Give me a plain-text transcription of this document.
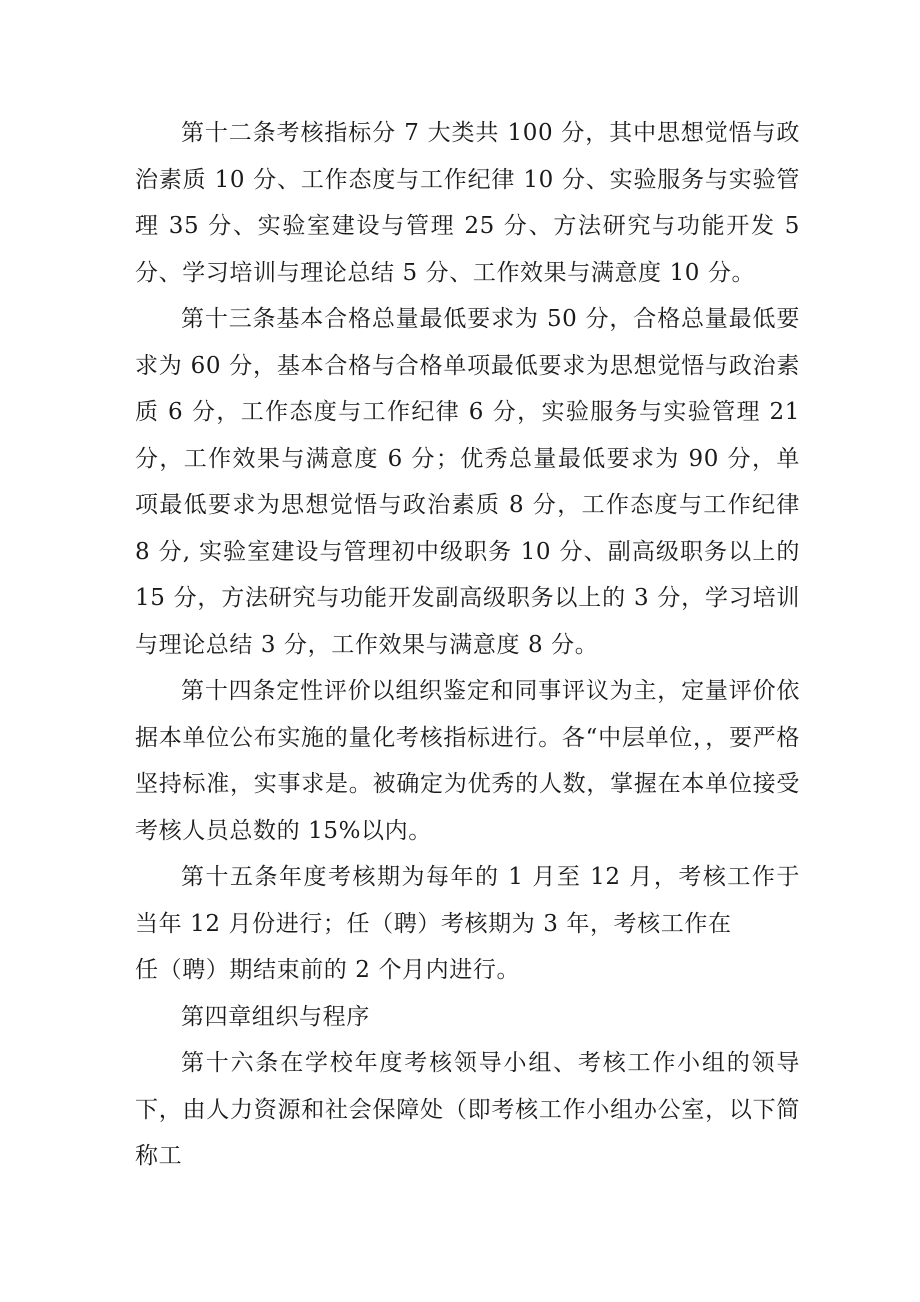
第十二条考核指标分 7 大类共 100 分，其中思想觉悟与政治素质 10 分、工作态度与工作纪律 10 分、实验服务与实验管理 35 分、实验室建设与管理 25 分、方法研究与功能开发 5 分、学习培训与理论总结 5 分、工作效果与满意度 10 分。

第十三条基本合格总量最低要求为 50 分，合格总量最低要求为 60 分，基本合格与合格单项最低要求为思想觉悟与政治素质 6 分，工作态度与工作纪律 6 分，实验服务与实验管理 21 分，工作效果与满意度 6 分；优秀总量最低要求为 90 分，单项最低要求为思想觉悟与政治素质 8 分，工作态度与工作纪律 8 分, 实验室建设与管理初中级职务 10 分、副高级职务以上的 15 分，方法研究与功能开发副高级职务以上的 3 分，学习培训与理论总结 3 分，工作效果与满意度 8 分。

第十四条定性评价以组织鉴定和同事评议为主，定量评价依据本单位公布实施的量化考核指标进行。各“中层单位，，要严格坚持标准，实事求是。被确定为优秀的人数，掌握在本单位接受考核人员总数的 15%以内。

第十五条年度考核期为每年的 1 月至 12 月，考核工作于当年 12 月份进行；任（聘）考核期为 3 年，考核工作在

任（聘）期结束前的 2 个月内进行。

第四章组织与程序

第十六条在学校年度考核领导小组、考核工作小组的领导下，由人力资源和社会保障处（即考核工作小组办公室，以下简称工
